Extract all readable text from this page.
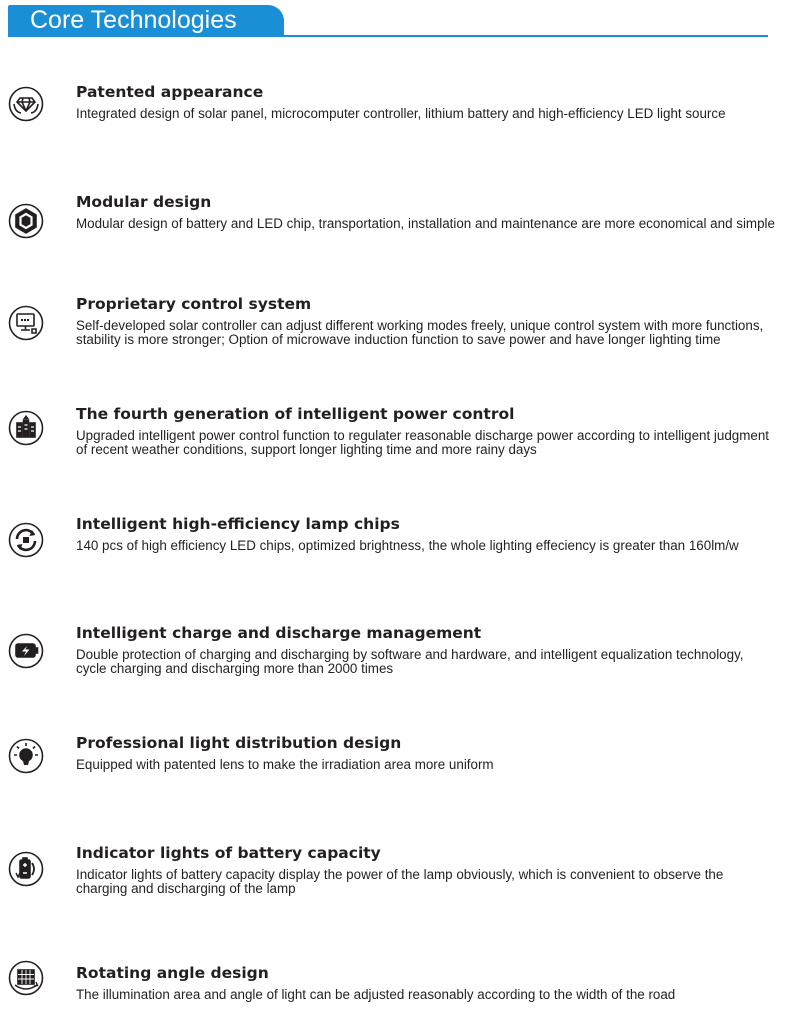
Core Technologies
Patented appearance
Integrated design of solar panel, microcomputer controller, lithium battery and high-efficiency LED light source
Modular design
Modular design of battery and LED chip, transportation, installation and maintenance are more economical and simple
Proprietary control system
Self-developed solar controller can adjust different working modes freely, unique control system with more functions, stability is more stronger; Option of microwave induction function to save power and have longer lighting time
The fourth generation of intelligent power control
Upgraded intelligent power control function to regulater reasonable discharge power according to intelligent judgment of recent weather conditions, support longer lighting time and more rainy days
Intelligent high-efficiency lamp chips
140 pcs of high efficiency LED chips, optimized brightness, the whole lighting effeciency is greater than 160lm/w
Intelligent charge and discharge management
Double protection of charging and discharging by software and hardware, and intelligent equalization technology, cycle charging and discharging more than 2000 times
Professional light distribution design
Equipped with patented lens to make the irradiation area more uniform
Indicator lights of battery capacity
Indicator lights of battery capacity display the power of the lamp obviously, which is convenient to observe the charging and discharging of the lamp
Rotating angle design
The illumination area and angle of light can be adjusted reasonably according to the width of the road
